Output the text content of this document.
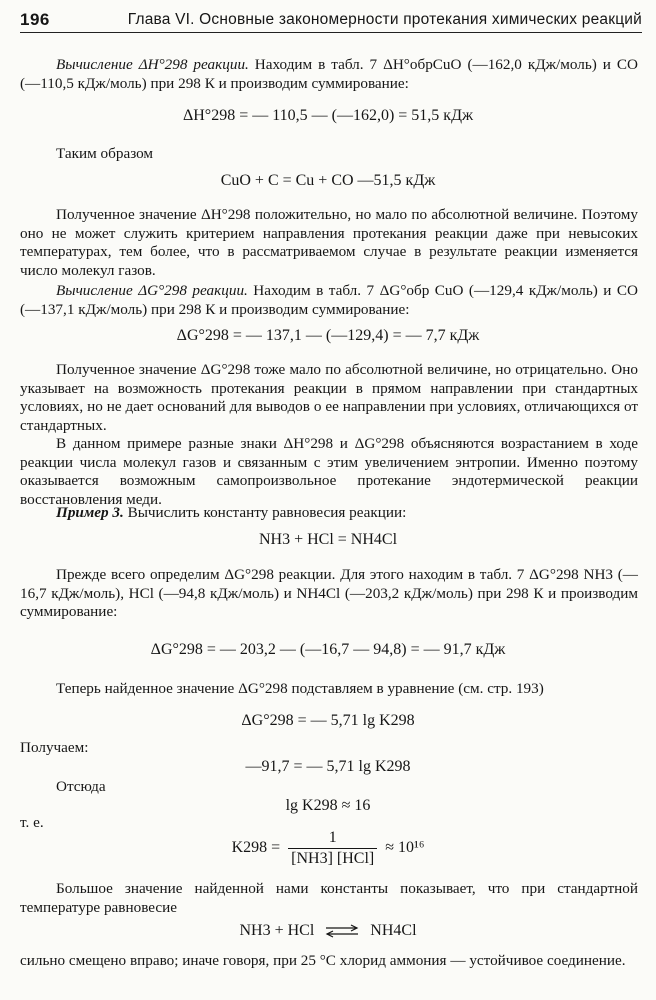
196	Глава VI. Основные закономерности протекания химических реакций
Вычисление ΔH°298 реакции. Находим в табл. 7 ΔH°обрCuO (—162,0 кДж/моль) и CO (—110,5 кДж/моль) при 298 К и производим суммирование:
ΔH°298 = — 110,5 — (—162,0) = 51,5 кДж
Таким образом
CuO + C = Cu + CO —51,5 кДж
Полученное значение ΔH°298 положительно, но мало по абсолютной величине. Поэтому оно не может служить критерием направления протекания реакции даже при невысоких температурах, тем более, что в рассматриваемом случае в результате реакции изменяется число молекул газов.
Вычисление ΔG°298 реакции. Находим в табл. 7 ΔG°обр CuO (—129,4 кДж/моль) и CO (—137,1 кДж/моль) при 298 К и производим суммирование:
ΔG°298 = — 137,1 — (—129,4) = — 7,7 кДж
Полученное значение ΔG°298 тоже мало по абсолютной величине, но отрицательно. Оно указывает на возможность протекания реакции в прямом направлении при стандартных условиях, но не дает оснований для выводов о ее направлении при условиях, отличающихся от стандартных.
В данном примере разные знаки ΔH°298 и ΔG°298 объясняются возрастанием в ходе реакции числа молекул газов и связанным с этим увеличением энтропии. Именно поэтому оказывается возможным самопроизвольное протекание эндотермической реакции восстановления меди.
Пример 3. Вычислить константу равновесия реакции:
NH3 + HCl = NH4Cl
Прежде всего определим ΔG°298 реакции. Для этого находим в табл. 7 ΔG°298 NH3 (—16,7 кДж/моль), HCl (—94,8 кДж/моль) и NH4Cl (—203,2 кДж/моль) при 298 К и производим суммирование:
ΔG°298 = — 203,2 — (—16,7 — 94,8) = — 91,7 кДж
Теперь найденное значение ΔG°298 подставляем в уравнение (см. стр. 193)
ΔG°298 = — 5,71 lg K298
Получаем:
—91,7 = — 5,71 lg K298
Отсюда
lg K298 ≈ 16
т. е.
$K298 = \frac{1}{\text{[NH3] [HCl]}} \approx 10^{16}$
Большое значение найденной нами константы показывает, что при стандартной температуре равновесие
NH3 + HCl ⇌ NH4Cl
сильно смещено вправо; иначе говоря, при 25 °C хлорид аммония — устойчивое соединение.
